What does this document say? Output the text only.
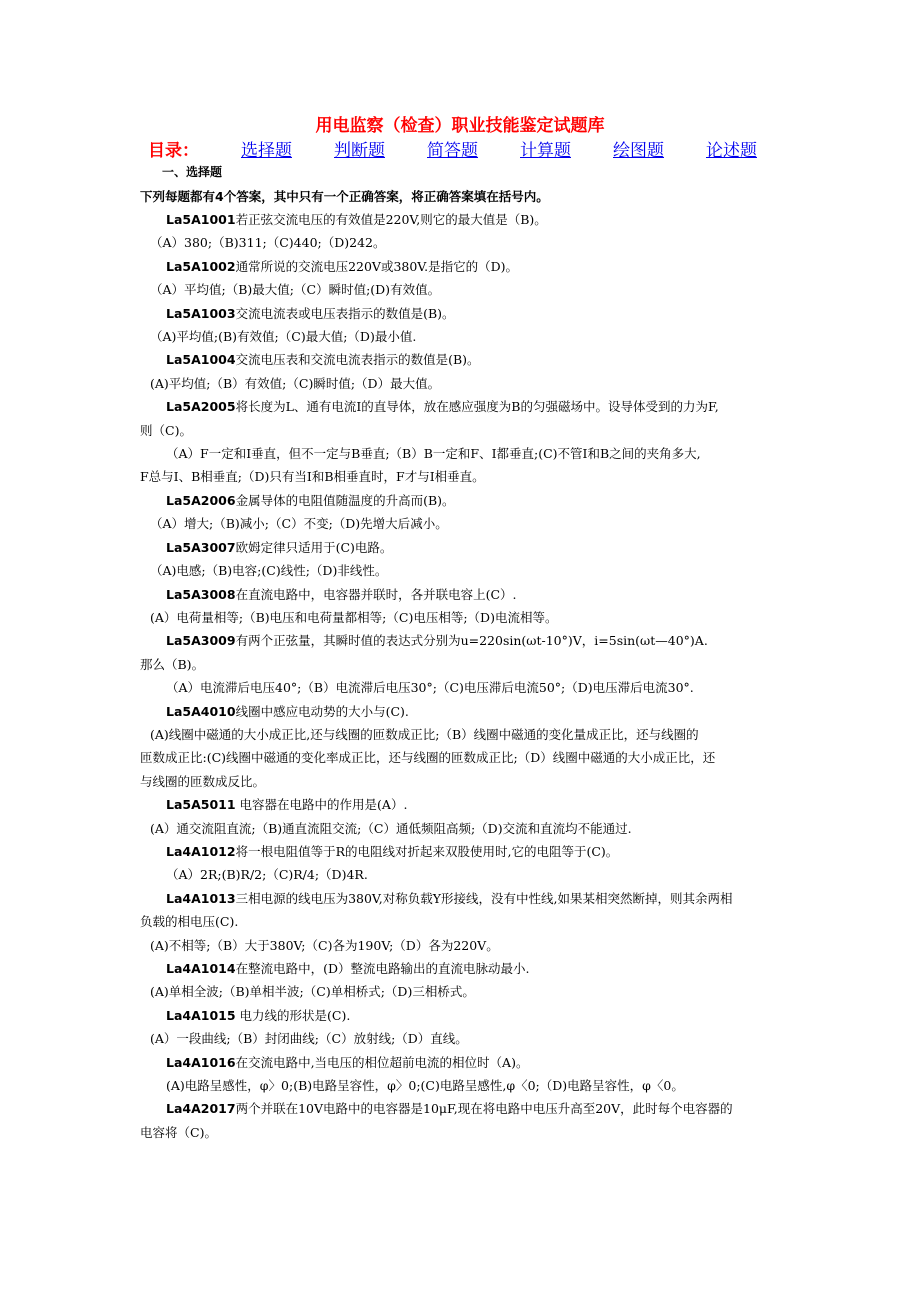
用电监察（检查）职业技能鉴定试题库
目录： 选择题 判断题 简答题 计算题 绘图题 论述题
一、选择题
下列每题都有4个答案，其中只有一个正确答案，将正确答案填在括号内。

La5A1001若正弦交流电压的有效值是220V,则它的最大值是（B)。

（A）380;（B)311;（C)440;（D)242。

La5A1002通常所说的交流电压220V或380V.是指它的（D)。

（A）平均值;（B)最大值;（C）瞬时值;(D)有效值。

La5A1003交流电流表或电压表指示的数值是(B)。

（A)平均值;(B)有效值;（C)最大值;（D)最小值.

La5A1004交流电压表和交流电流表指示的数值是(B)。

(A)平均值;（B）有效值;（C)瞬时值;（D）最大值。

La5A2005将长度为L、通有电流I的直导体，放在感应强度为B的匀强磁场中。设导体受到的力为F,

则（C)。

（A）F一定和I垂直，但不一定与B垂直;（B）B一定和F、I都垂直;(C)不管I和B之间的夹角多大,

F总与I、B相垂直;（D)只有当I和B相垂直时，F才与I相垂直。

La5A2006金属导体的电阻值随温度的升高而(B)。

（A）增大;（B)减小;（C）不变;（D)先增大后减小。

La5A3007欧姆定律只适用于(C)电路。

（A)电感;（B)电容;(C)线性;（D)非线性。

La5A3008在直流电路中，电容器并联时，各并联电容上(C）.

(A）电荷量相等;（B)电压和电荷量都相等;（C)电压相等;（D)电流相等。

La5A3009有两个正弦量，其瞬时值的表达式分别为u=220sin(ωt-10°)V，i=5sin(ωt—40°)A.

那么（B)。

（A）电流滞后电压40°;（B）电流滞后电压30°;（C)电压滞后电流50°;（D)电压滞后电流30°.

La5A4010线圈中感应电动势的大小与(C).

(A)线圈中磁通的大小成正比,还与线圈的匝数成正比;（B）线圈中磁通的变化量成正比，还与线圈的

匝数成正比:(C)线圈中磁通的变化率成正比，还与线圈的匝数成正比;（D）线圈中磁通的大小成正比，还

与线圈的匝数成反比。

La5A5011 电容器在电路中的作用是(A）.

(A）通交流阻直流;（B)通直流阻交流;（C）通低频阻高频;（D)交流和直流均不能通过.

La4A1012将一根电阻值等于R的电阻线对折起来双股使用时,它的电阻等于(C)。

（A）2R;(B)R/2;（C)R/4;（D)4R.

La4A1013三相电源的线电压为380V,对称负载Y形接线，没有中性线,如果某相突然断掉，则其余两相

负载的相电压(C).

(A)不相等;（B）大于380V;（C)各为190V;（D）各为220V。

La4A1014在整流电路中，(D）整流电路输出的直流电脉动最小.

(A)单相全波;（B)单相半波;（C)单相桥式;（D)三相桥式。

La4A1015 电力线的形状是(C).

(A）一段曲线;（B）封闭曲线;（C）放射线;（D）直线。

La4A1016在交流电路中,当电压的相位超前电流的相位时（A)。

(A)电路呈感性，φ〉0;(B)电路呈容性，φ〉0;(C)电路呈感性,φ〈0;（D)电路呈容性，φ〈0。

La4A2017两个并联在10V电路中的电容器是10μF,现在将电路中电压升高至20V，此时每个电容器的

电容将（C)。
